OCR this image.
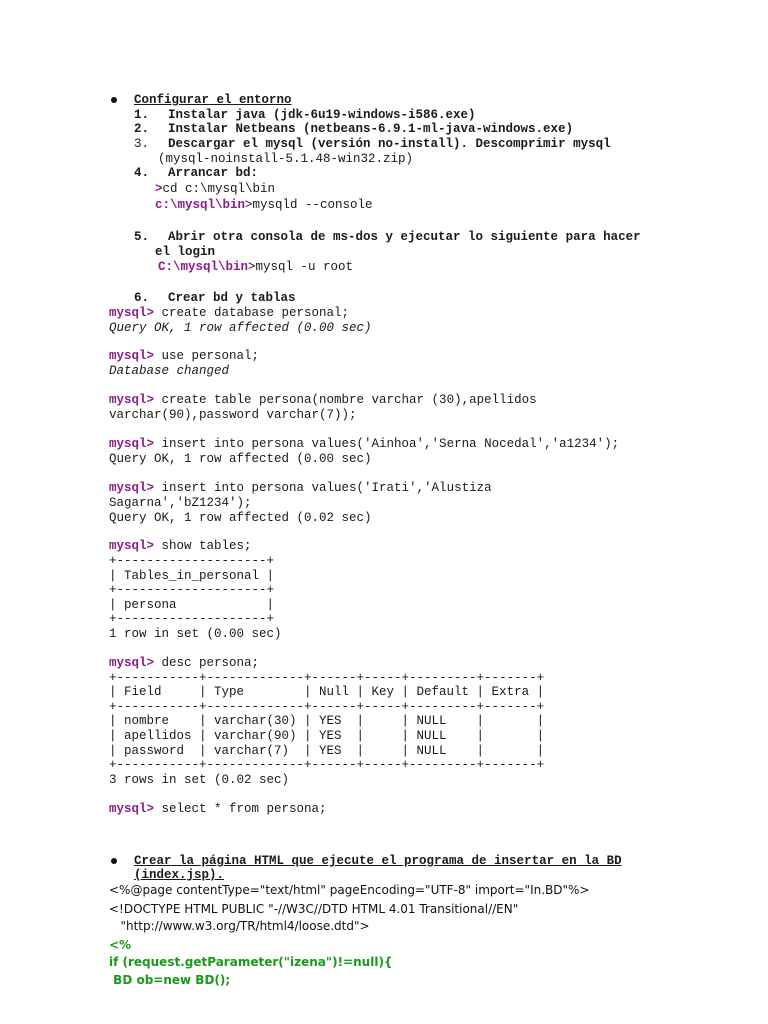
Configurar el entorno
1. Instalar java (jdk-6u19-windows-i586.exe)
2. Instalar Netbeans (netbeans-6.9.1-ml-java-windows.exe)
3. Descargar el mysql (versión no-install). Descomprimir mysql
(mysql-noinstall-5.1.48-win32.zip)
4. Arrancar bd:
>cd c:\mysql\bin
c:\mysql\bin>mysqld --console
5. Abrir otra consola de ms-dos y ejecutar lo siguiente para hacer
el login
C:\mysql\bin>mysql -u root
6. Crear bd y tablas
mysql> create database personal;
Query OK, 1 row affected (0.00 sec)
mysql> use personal;
Database changed
mysql> create table persona(nombre varchar (30),apellidos
varchar(90),password varchar(7));
mysql> insert into persona values('Ainhoa','Serna Nocedal','a1234');
Query OK, 1 row affected (0.00 sec)
mysql> insert into persona values('Irati','Alustiza
Sagarna','bZ1234');
Query OK, 1 row affected (0.02 sec)
mysql> show tables;
+--------------------+
| Tables_in_personal |
+--------------------+
| persona            |
+--------------------+
1 row in set (0.00 sec)
mysql> desc persona;
+-----------+-------------+------+-----+---------+-------+
| Field     | Type        | Null | Key | Default | Extra |
+-----------+-------------+------+-----+---------+-------+
| nombre    | varchar(30) | YES  |     | NULL    |       |
| apellidos | varchar(90) | YES  |     | NULL    |       |
| password  | varchar(7)  | YES  |     | NULL    |       |
+-----------+-------------+------+-----+---------+-------+
3 rows in set (0.02 sec)
mysql> select * from persona;
Crear la página HTML que ejecute el programa de insertar en la BD
(index.jsp).
<%@page contentType="text/html" pageEncoding="UTF-8" import="In.BD"%>
<!DOCTYPE HTML PUBLIC "-//W3C//DTD HTML 4.01 Transitional//EN"
"http://www.w3.org/TR/html4/loose.dtd">
<%
if (request.getParameter("izena")!=null){
BD ob=new BD();
